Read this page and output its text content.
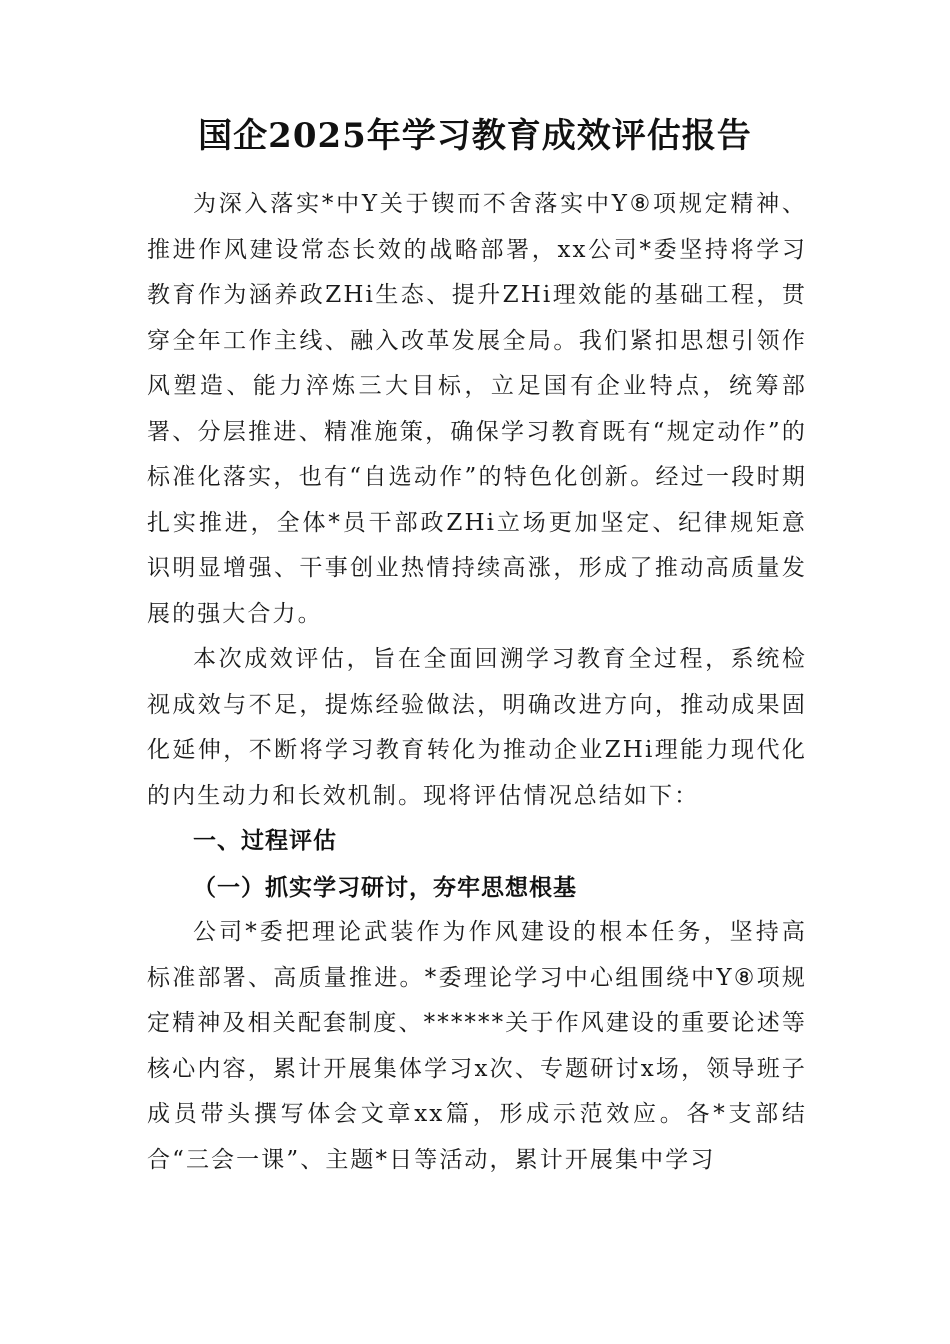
国企2025年学习教育成效评估报告

为深入落实*中Y关于锲而不舍落实中Y⑧项规定精神、推进作风建设常态长效的战略部署，xx公司*委坚持将学习教育作为涵养政ZHi生态、提升ZHi理效能的基础工程，贯穿全年工作主线、融入改革发展全局。我们紧扣思想引领作风塑造、能力淬炼三大目标，立足国有企业特点，统筹部署、分层推进、精准施策，确保学习教育既有“规定动作”的标准化落实，也有“自选动作”的特色化创新。经过一段时期扎实推进，全体*员干部政ZHi立场更加坚定、纪律规矩意识明显增强、干事创业热情持续高涨，形成了推动高质量发展的强大合力。

本次成效评估，旨在全面回溯学习教育全过程，系统检视成效与不足，提炼经验做法，明确改进方向，推动成果固化延伸，不断将学习教育转化为推动企业ZHi理能力现代化的内生动力和长效机制。现将评估情况总结如下：

一、过程评估

（一）抓实学习研讨，夯牢思想根基

公司*委把理论武装作为作风建设的根本任务，坚持高标准部署、高质量推进。*委理论学习中心组围绕中Y⑧项规定精神及相关配套制度、******关于作风建设的重要论述等核心内容，累计开展集体学习x次、专题研讨x场，领导班子成员带头撰写体会文章xx篇，形成示范效应。各*支部结合“三会一课”、主题*日等活动，累计开展集中学习
